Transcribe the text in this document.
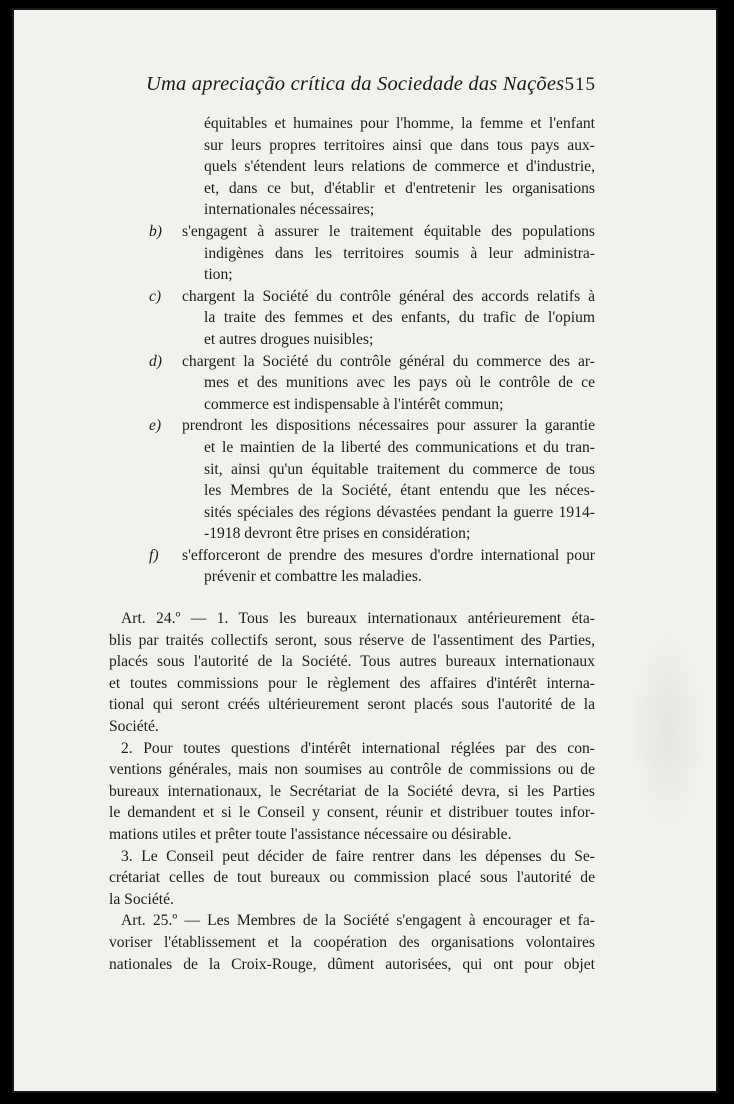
Uma apreciação crítica da Sociedade das Nações 515
équitables et humaines pour l'homme, la femme et l'enfant
sur leurs propres territoires ainsi que dans tous pays aux-
quels s'étendent leurs relations de commerce et d'industrie,
et, dans ce but, d'établir et d'entretenir les organisations
internationales nécessaires;
b) s'engagent à assurer le traitement équitable des populations
indigènes dans les territoires soumis à leur administra-
tion;
c) chargent la Société du contrôle général des accords relatifs à
la traite des femmes et des enfants, du trafic de l'opium
et autres drogues nuisibles;
d) chargent la Société du contrôle général du commerce des ar-
mes et des munitions avec les pays où le contrôle de ce
commerce est indispensable à l'intérêt commun;
e) prendront les dispositions nécessaires pour assurer la garantie
et le maintien de la liberté des communications et du tran-
sit, ainsi qu'un équitable traitement du commerce de tous
les Membres de la Société, étant entendu que les néces-
sités spéciales des régions dévastées pendant la guerre 1914-
-1918 devront être prises en considération;
f) s'efforceront de prendre des mesures d'ordre international pour
prévenir et combattre les maladies.
Art. 24.º — 1. Tous les bureaux internationaux antérieurement éta-
blis par traités collectifs seront, sous réserve de l'assentiment des Parties,
placés sous l'autorité de la Société. Tous autres bureaux internationaux
et toutes commissions pour le règlement des affaires d'intérêt interna-
tional qui seront créés ultérieurement seront placés sous l'autorité de la
Société.
2. Pour toutes questions d'intérêt international réglées par des con-
ventions générales, mais non soumises au contrôle de commissions ou de
bureaux internationaux, le Secrétariat de la Société devra, si les Parties
le demandent et si le Conseil y consent, réunir et distribuer toutes infor-
mations utiles et prêter toute l'assistance nécessaire ou désirable.
3. Le Conseil peut décider de faire rentrer dans les dépenses du Se-
crétariat celles de tout bureaux ou commission placé sous l'autorité de
la Société.
Art. 25.º — Les Membres de la Société s'engagent à encourager et fa-
voriser l'établissement et la coopération des organisations volontaires
nationales de la Croix-Rouge, dûment autorisées, qui ont pour objet
